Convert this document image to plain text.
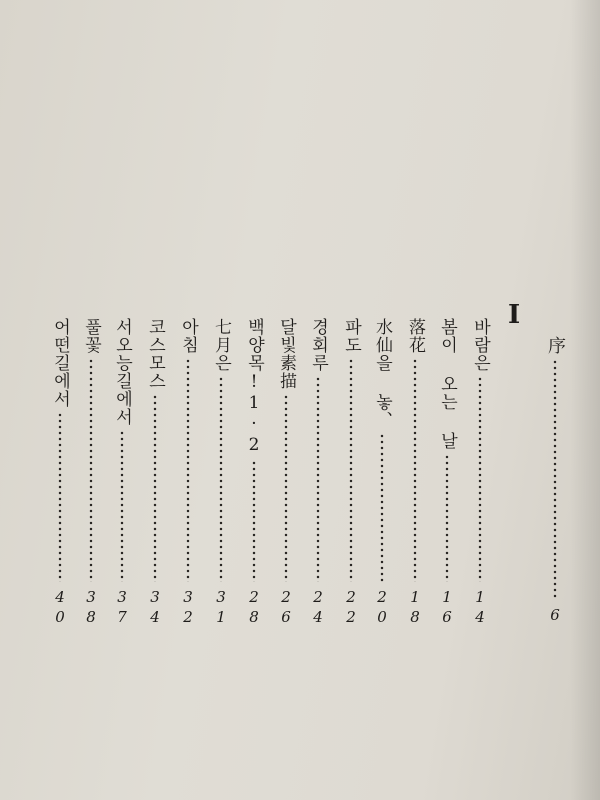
序
6
I
바람은
14
봄이 오는 날
16
落花
18
水仙을 놓、
20
파도
22
경회루
24
달빛素描
26
백양목!1·2
28
七月은
31
아침
32
코스모스
34
서오능길에서
37
풀꽃
38
어떤길에서
40
